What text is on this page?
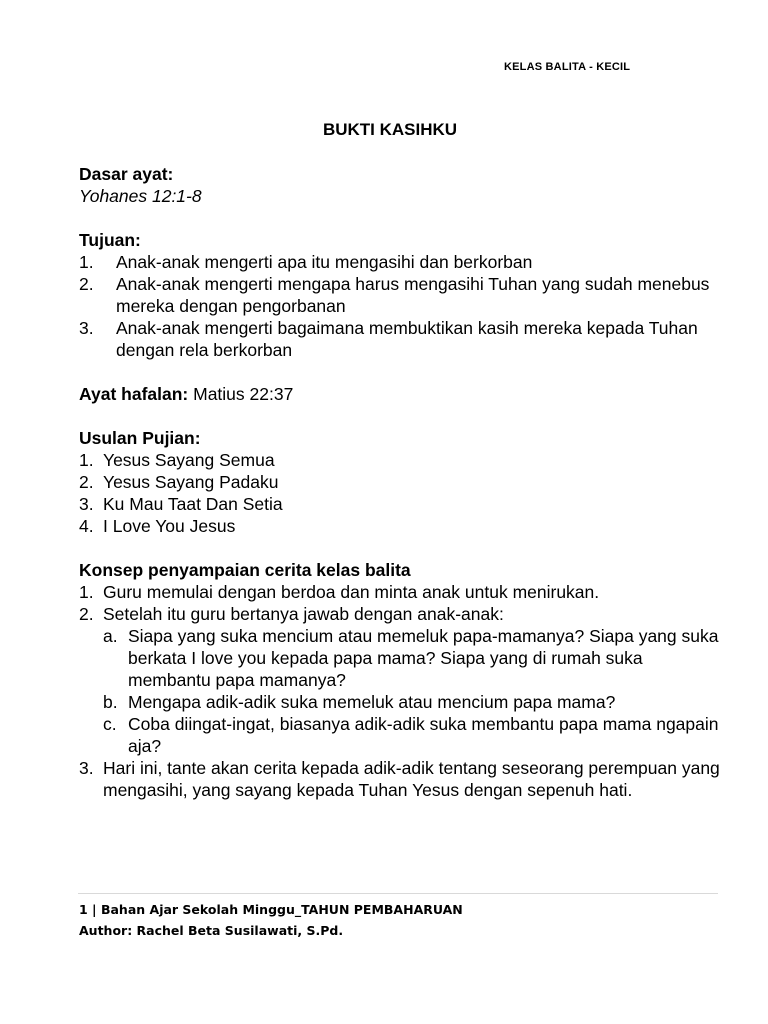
KELAS BALITA - KECIL
BUKTI KASIHKU
Dasar ayat:
Yohanes 12:1-8
Tujuan:
1. Anak-anak mengerti apa itu mengasihi dan berkorban
2. Anak-anak mengerti mengapa harus mengasihi Tuhan yang sudah menebus mereka dengan pengorbanan
3. Anak-anak mengerti bagaimana membuktikan kasih mereka kepada Tuhan dengan rela berkorban
Ayat hafalan: Matius 22:37
Usulan Pujian:
1. Yesus Sayang Semua
2. Yesus Sayang Padaku
3. Ku Mau Taat Dan Setia
4. I Love You Jesus
Konsep penyampaian cerita kelas balita
1. Guru memulai dengan berdoa dan minta anak untuk menirukan.
2. Setelah itu guru bertanya jawab dengan anak-anak:
a. Siapa yang suka mencium atau memeluk papa-mamanya? Siapa yang suka berkata I love you kepada papa mama? Siapa yang di rumah suka membantu papa mamanya?
b. Mengapa adik-adik suka memeluk atau mencium papa mama?
c. Coba diingat-ingat, biasanya adik-adik suka membantu papa mama ngapain aja?
3. Hari ini, tante akan cerita kepada adik-adik tentang seseorang perempuan yang mengasihi, yang sayang kepada Tuhan Yesus dengan sepenuh hati.
1 | Bahan Ajar Sekolah Minggu_TAHUN PEMBAHARUAN
Author: Rachel Beta Susilawati, S.Pd.
